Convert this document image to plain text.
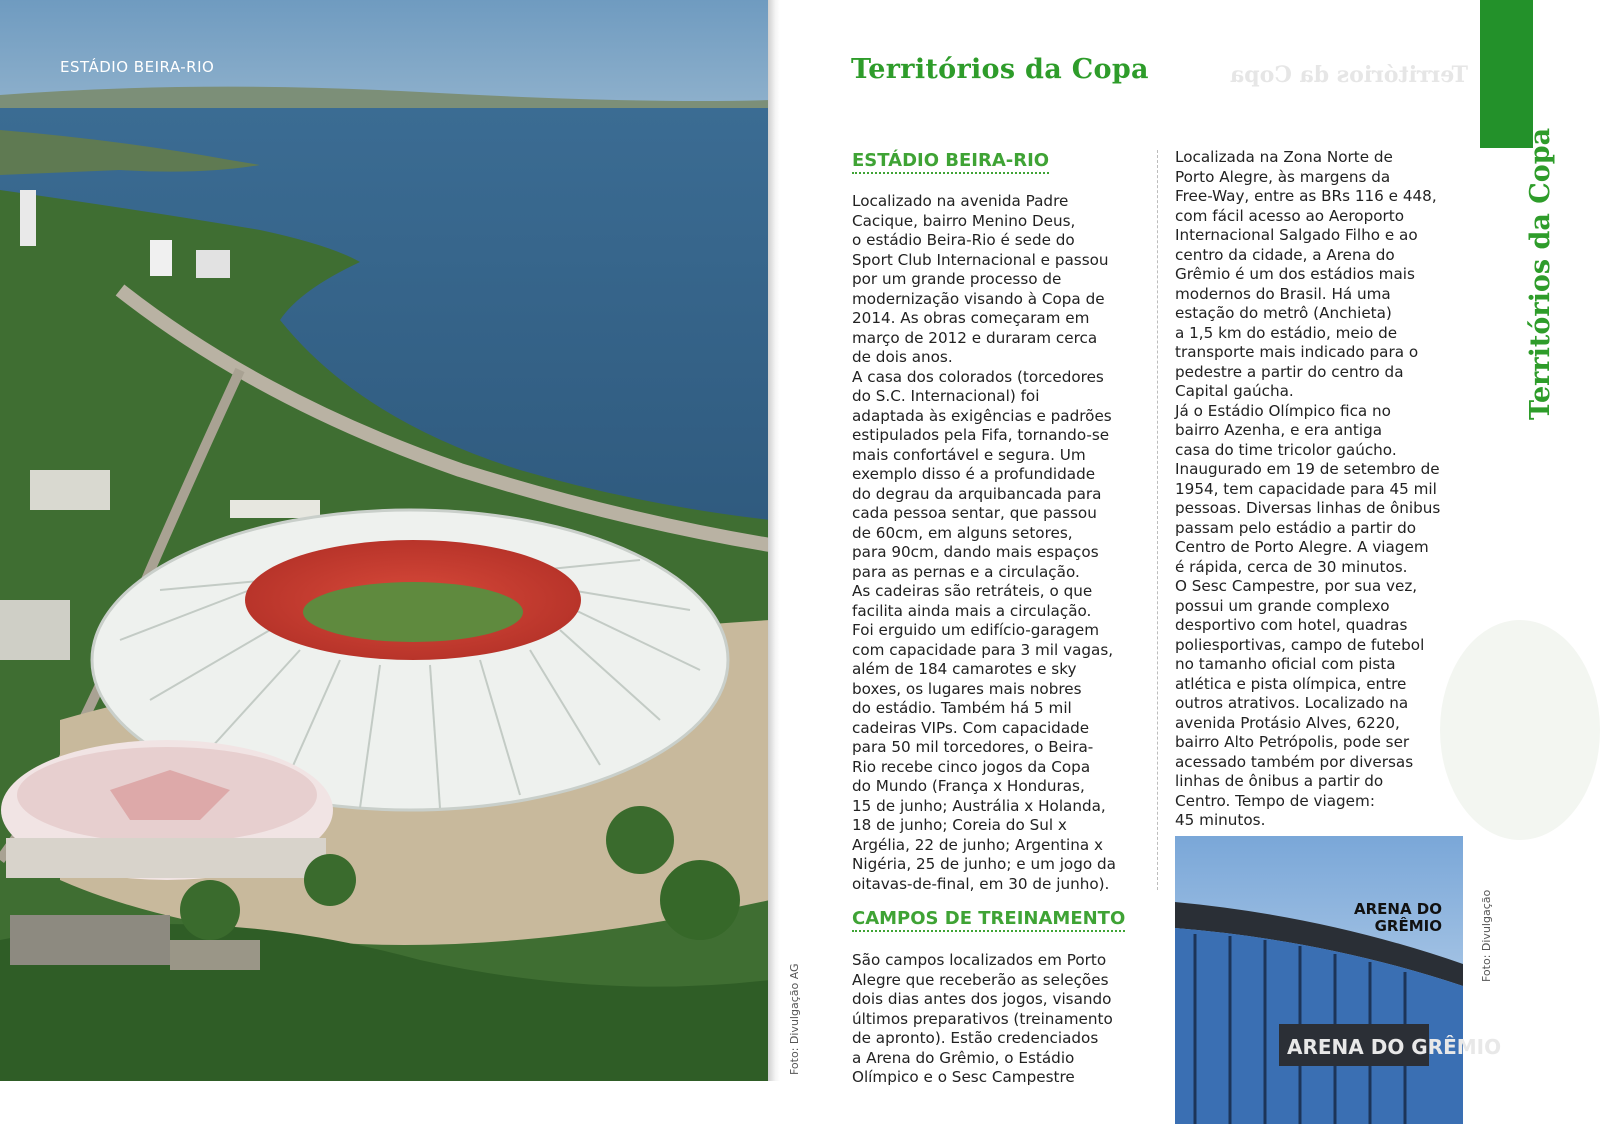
ESTÁDIO BEIRA-RIO
Foto: Divulgação AG
Territórios da Copa
Territórios da Copa
ESTÁDIO BEIRA-RIO

Localizado na avenida Padre
Cacique, bairro Menino Deus,
o estádio Beira-Rio é sede do
Sport Club Internacional e passou
por um grande processo de
modernização visando à Copa de
2014. As obras começaram em
março de 2012 e duraram cerca
de dois anos.
A casa dos colorados (torcedores
do S.C. Internacional) foi
adaptada às exigências e padrões
estipulados pela Fifa, tornando-se
mais confortável e segura. Um
exemplo disso é a profundidade
do degrau da arquibancada para
cada pessoa sentar, que passou
de 60cm, em alguns setores,
para 90cm, dando mais espaços
para as pernas e a circulação.
As cadeiras são retráteis, o que
facilita ainda mais a circulação.
Foi erguido um edifício-garagem
com capacidade para 3 mil vagas,
além de 184 camarotes e sky
boxes, os lugares mais nobres
do estádio. Também há 5 mil
cadeiras VIPs. Com capacidade
para 50 mil torcedores, o Beira-
Rio recebe cinco jogos da Copa
do Mundo (França x Honduras,
15 de junho; Austrália x Holanda,
18 de junho; Coreia do Sul x
Argélia, 22 de junho; Argentina x
Nigéria, 25 de junho; e um jogo da
oitavas-de-final, em 30 de junho).

CAMPOS DE TREINAMENTO

São campos localizados em Porto
Alegre que receberão as seleções
dois dias antes dos jogos, visando
últimos preparativos (treinamento
de apronto). Estão credenciados
a Arena do Grêmio, o Estádio
Olímpico e o Sesc Campestre

Localizada na Zona Norte de
Porto Alegre, às margens da
Free-Way, entre as BRs 116 e 448,
com fácil acesso ao Aeroporto
Internacional Salgado Filho e ao
centro da cidade, a Arena do
Grêmio é um dos estádios mais
modernos do Brasil. Há uma
estação do metrô (Anchieta)
a 1,5 km do estádio, meio de
transporte mais indicado para o
pedestre a partir do centro da
Capital gaúcha.
Já o Estádio Olímpico fica no
bairro Azenha, e era antiga
casa do time tricolor gaúcho.
Inaugurado em 19 de setembro de
1954, tem capacidade para 45 mil
pessoas. Diversas linhas de ônibus
passam pelo estádio a partir do
Centro de Porto Alegre. A viagem
é rápida, cerca de 30 minutos.
O Sesc Campestre, por sua vez,
possui um grande complexo
desportivo com hotel, quadras
poliesportivas, campo de futebol
no tamanho oficial com pista
atlética e pista olímpica, entre
outros atrativos. Localizado na
avenida Protásio Alves, 6220,
bairro Alto Petrópolis, pode ser
acessado também por diversas
linhas de ônibus a partir do
Centro. Tempo de viagem:
45 minutos.

ARENA DO GRÊMIO
ARENA DO
GRÊMIO
Territórios da Copa
Foto: Divulgação
